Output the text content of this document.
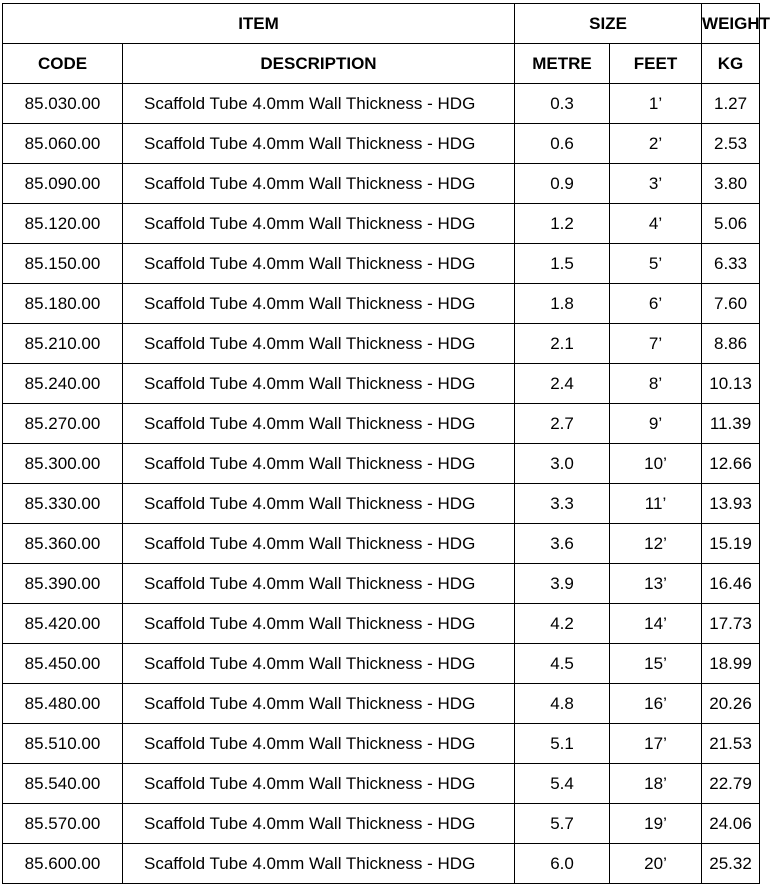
ITEM		SIZE		WEIGHT
CODE	DESCRIPTION	METRE	FEET	KG
85.030.00	Scaffold Tube 4.0mm Wall Thickness - HDG	0.3	1’	1.27
85.060.00	Scaffold Tube 4.0mm Wall Thickness - HDG	0.6	2’	2.53
85.090.00	Scaffold Tube 4.0mm Wall Thickness - HDG	0.9	3’	3.80
85.120.00	Scaffold Tube 4.0mm Wall Thickness - HDG	1.2	4’	5.06
85.150.00	Scaffold Tube 4.0mm Wall Thickness - HDG	1.5	5’	6.33
85.180.00	Scaffold Tube 4.0mm Wall Thickness - HDG	1.8	6’	7.60
85.210.00	Scaffold Tube 4.0mm Wall Thickness - HDG	2.1	7’	8.86
85.240.00	Scaffold Tube 4.0mm Wall Thickness - HDG	2.4	8’	10.13
85.270.00	Scaffold Tube 4.0mm Wall Thickness - HDG	2.7	9’	11.39
85.300.00	Scaffold Tube 4.0mm Wall Thickness - HDG	3.0	10’	12.66
85.330.00	Scaffold Tube 4.0mm Wall Thickness - HDG	3.3	11’	13.93
85.360.00	Scaffold Tube 4.0mm Wall Thickness - HDG	3.6	12’	15.19
85.390.00	Scaffold Tube 4.0mm Wall Thickness - HDG	3.9	13’	16.46
85.420.00	Scaffold Tube 4.0mm Wall Thickness - HDG	4.2	14’	17.73
85.450.00	Scaffold Tube 4.0mm Wall Thickness - HDG	4.5	15’	18.99
85.480.00	Scaffold Tube 4.0mm Wall Thickness - HDG	4.8	16’	20.26
85.510.00	Scaffold Tube 4.0mm Wall Thickness - HDG	5.1	17’	21.53
85.540.00	Scaffold Tube 4.0mm Wall Thickness - HDG	5.4	18’	22.79
85.570.00	Scaffold Tube 4.0mm Wall Thickness - HDG	5.7	19’	24.06
85.600.00	Scaffold Tube 4.0mm Wall Thickness - HDG	6.0	20’	25.32
